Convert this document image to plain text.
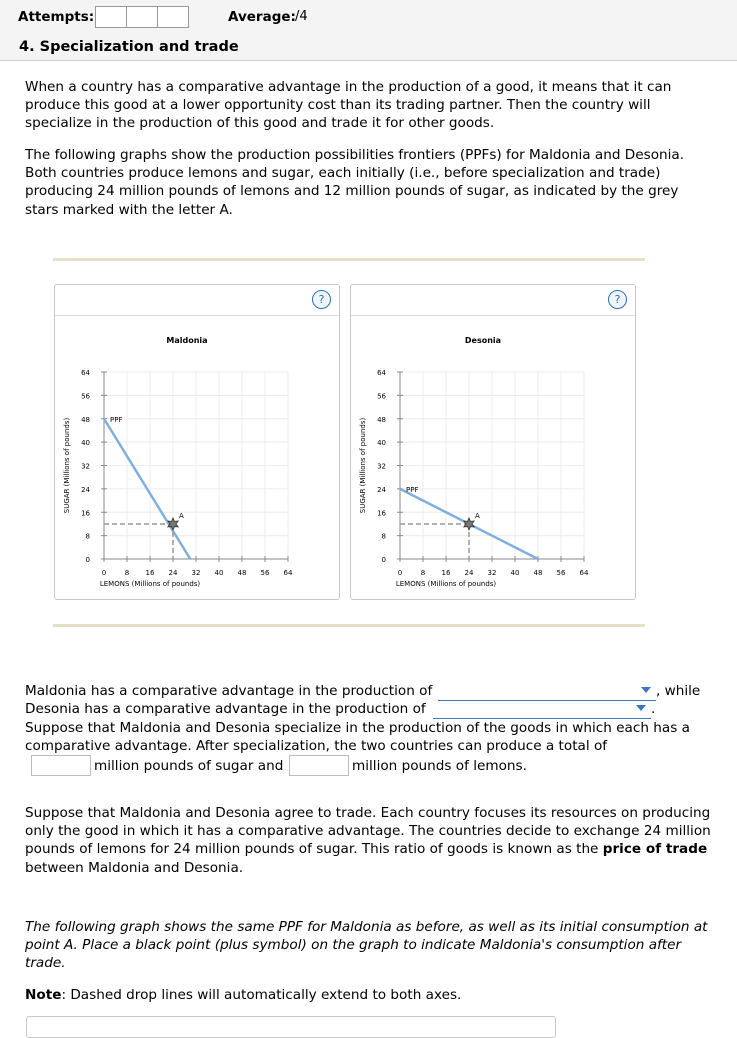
Attempts:	Average: /4
4. Specialization and trade

When a country has a comparative advantage in the production of a good, it means that it can produce this good at a lower opportunity cost than its trading partner. Then the country will specialize in the production of this good and trade it for other goods.

The following graphs show the production possibilities frontiers (PPFs) for Maldonia and Desonia. Both countries produce lemons and sugar, each initially (i.e., before specialization and trade) producing 24 million pounds of lemons and 12 million pounds of sugar, as indicated by the grey stars marked with the letter A.

?
Maldonia
0	8 16 24 32 40 48 56 64
0
8
16
24
32
40
48
56
64
LEMONS (Millions of pounds)
SUGAR (Millions of pounds)	PPF
A
?
Desonia
0	8 16 24 32 40 48 56 64
0
8
16
24
32
40
48
56
64
LEMONS (Millions of pounds)
SUGAR (Millions of pounds)	PPF
A
Maldonia has a comparative advantage in the production of	, while
Desonia has a comparative advantage in the production of	.
Suppose that Maldonia and Desonia specialize in the production of the goods in which each has a
comparative advantage. After specialization, the two countries can produce a total of
million pounds of sugar and	million pounds of lemons.

Suppose that Maldonia and Desonia agree to trade. Each country focuses its resources on producing only the good in which it has a comparative advantage. The countries decide to exchange 24 million pounds of lemons for 24 million pounds of sugar. This ratio of goods is known as the price of trade between Maldonia and Desonia.

The following graph shows the same PPF for Maldonia as before, as well as its initial consumption at point A. Place a black point (plus symbol) on the graph to indicate Maldonia's consumption after trade.

Note: Dashed drop lines will automatically extend to both axes.
